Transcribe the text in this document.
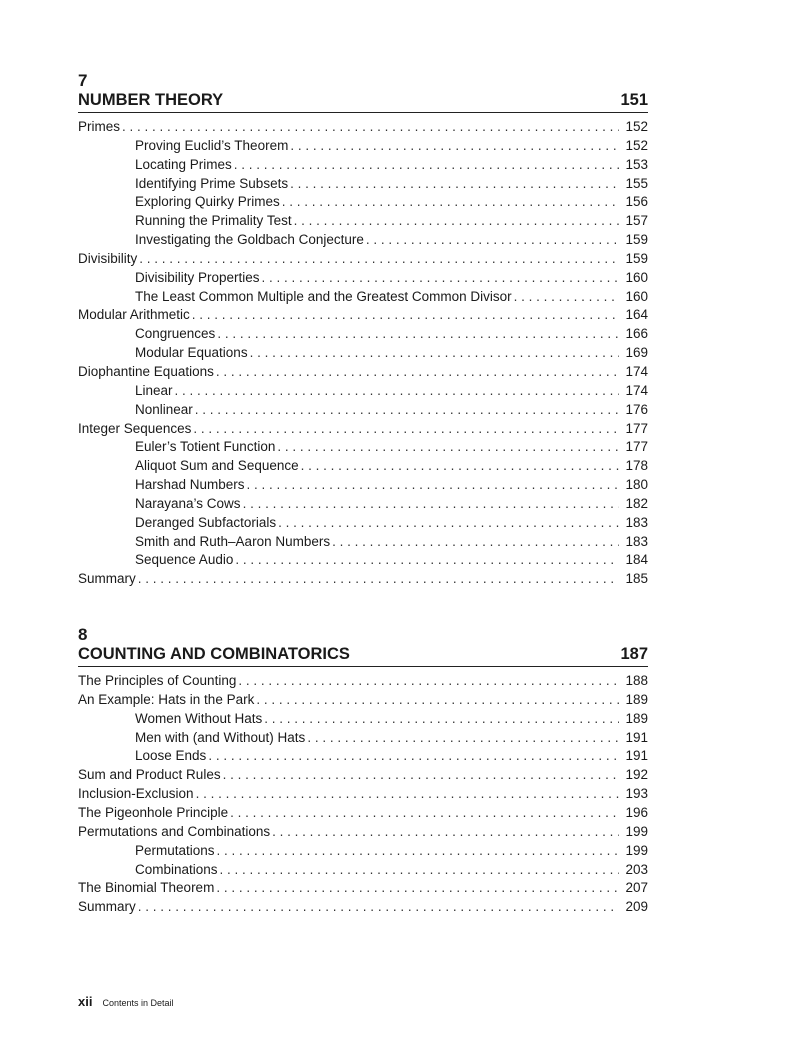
7
NUMBER THEORY	151
Primes . . .	152
Proving Euclid’s Theorem . . .	152
Locating Primes . . .	153
Identifying Prime Subsets . . .	155
Exploring Quirky Primes . . .	156
Running the Primality Test . . .	157
Investigating the Goldbach Conjecture . . .	159
Divisibility . . .	159
Divisibility Properties . . .	160
The Least Common Multiple and the Greatest Common Divisor . . .	160
Modular Arithmetic . . .	164
Congruences . . .	166
Modular Equations . . .	169
Diophantine Equations . . .	174
Linear . . .	174
Nonlinear . . .	176
Integer Sequences . . .	177
Euler’s Totient Function . . .	177
Aliquot Sum and Sequence . . .	178
Harshad Numbers . . .	180
Narayana’s Cows . . .	182
Deranged Subfactorials . . .	183
Smith and Ruth–Aaron Numbers . . .	183
Sequence Audio . . .	184
Summary . . .	185
8
COUNTING AND COMBINATORICS	187
The Principles of Counting . . .	188
An Example: Hats in the Park . . .	189
Women Without Hats . . .	189
Men with (and Without) Hats . . .	191
Loose Ends . . .	191
Sum and Product Rules . . .	192
Inclusion-Exclusion . . .	193
The Pigeonhole Principle . . .	196
Permutations and Combinations . . .	199
Permutations . . .	199
Combinations . . .	203
The Binomial Theorem . . .	207
Summary . . .	209
xii Contents in Detail
